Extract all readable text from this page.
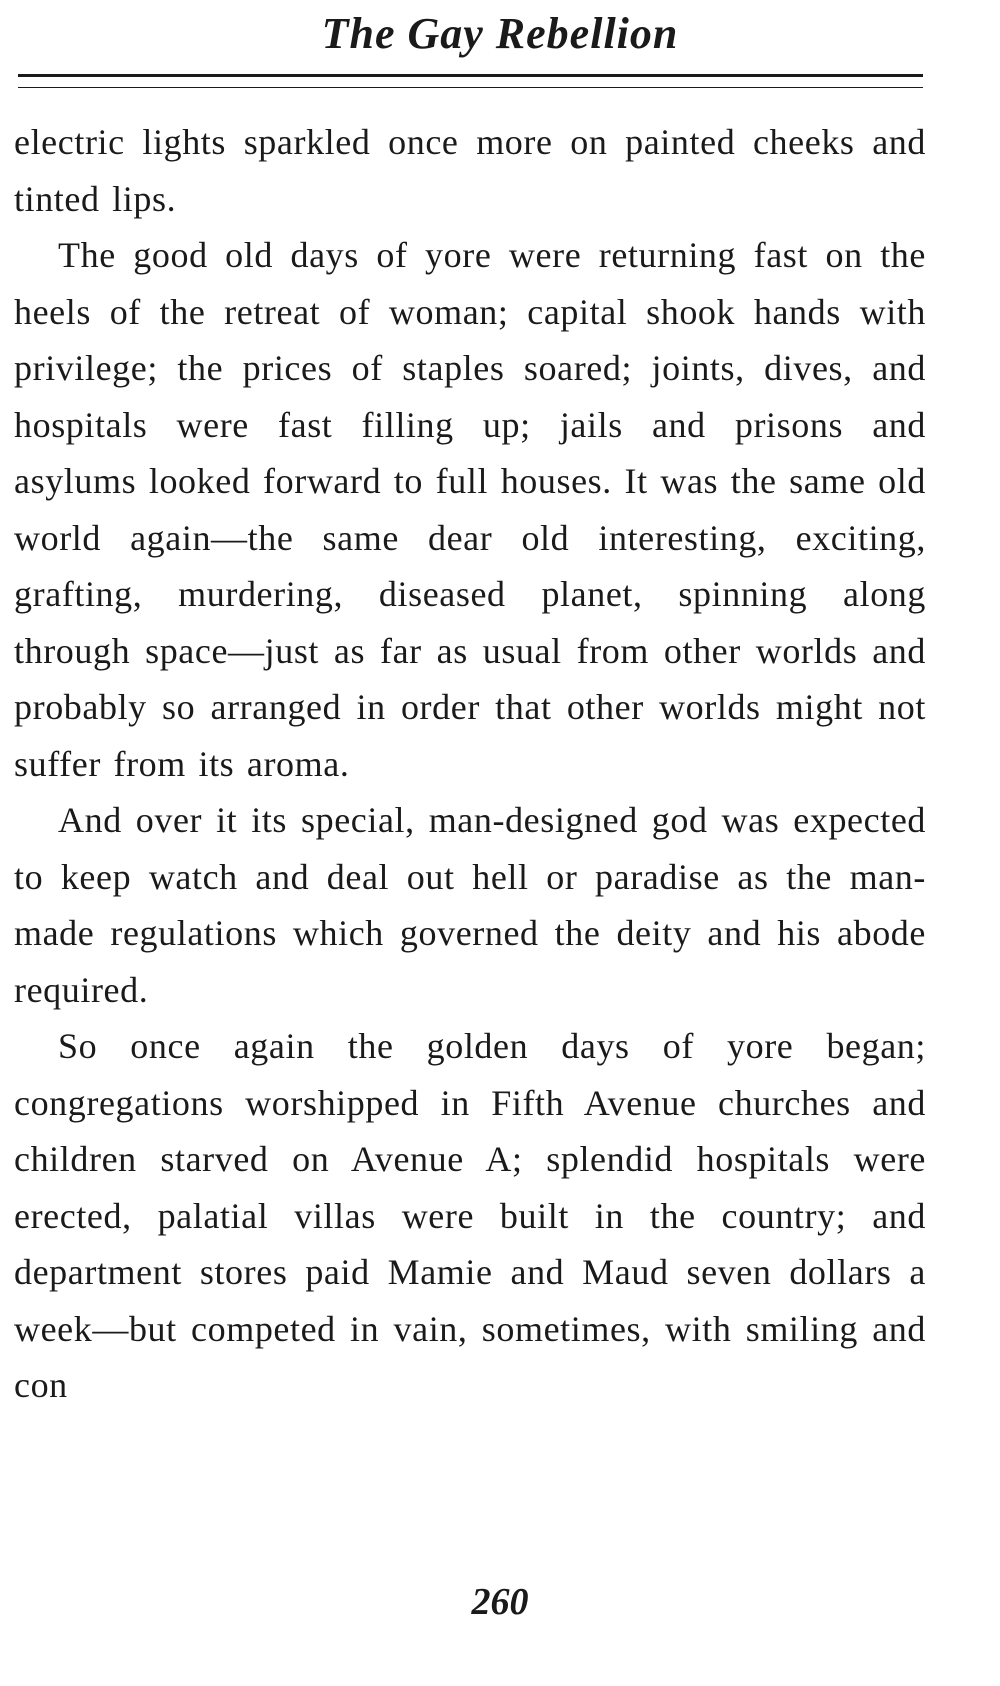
The Gay Rebellion

electric lights sparkled once more on painted cheeks and tinted lips.

The good old days of yore were returning fast on the heels of the retreat of woman; capital shook hands with privilege; the prices of staples soared; joints, dives, and hospitals were fast filling up; jails and prisons and asylums looked forward to full houses. It was the same old world again—the same dear old interesting, exciting, grafting, murdering, diseased planet, spinning along through space—just as far as usual from other worlds and probably so arranged in order that other worlds might not suffer from its aroma.

And over it its special, man-designed god was expected to keep watch and deal out hell or paradise as the man-made regulations which governed the deity and his abode required.

So once again the golden days of yore began; congregations worshipped in Fifth Avenue churches and children starved on Avenue A; splendid hospitals were erected, palatial villas were built in the country; and department stores paid Mamie and Maud seven dollars a week—but competed in vain, sometimes, with smiling and con

260
